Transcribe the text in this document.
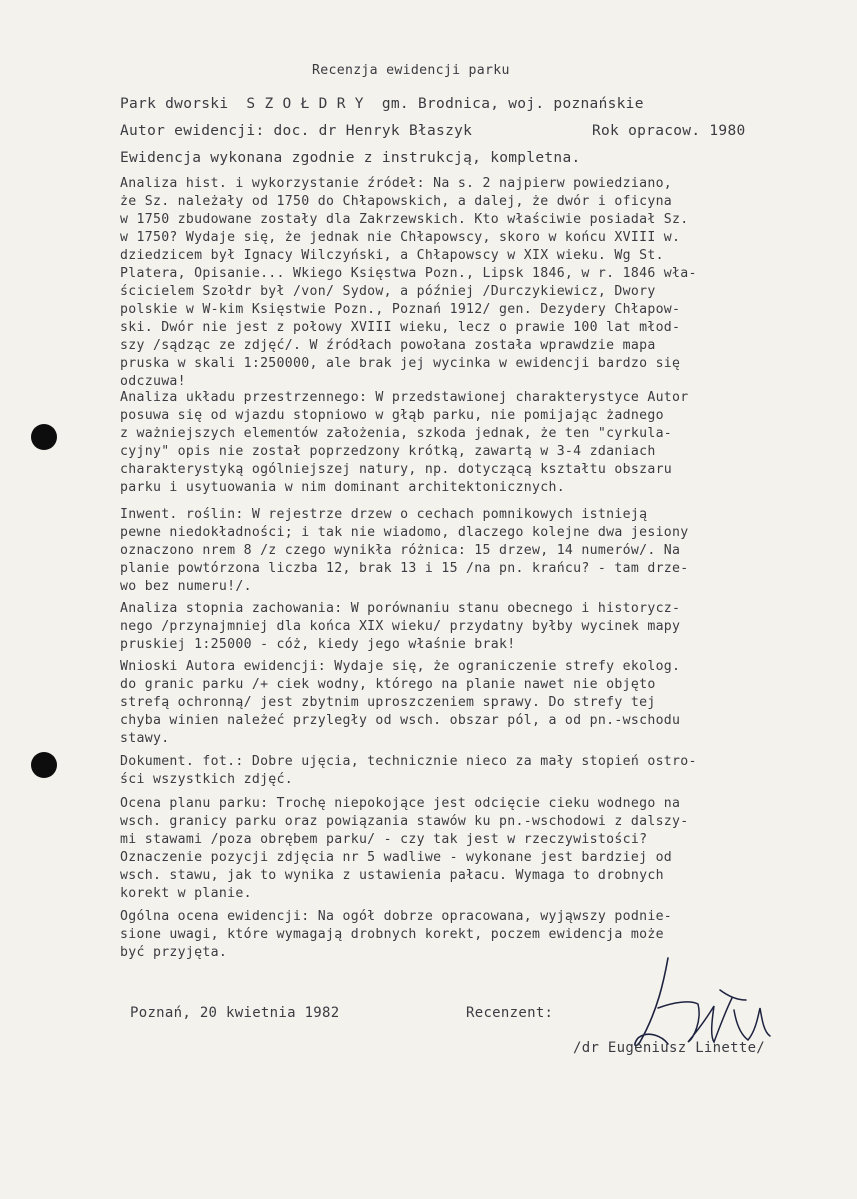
Recenzja ewidencji parku
Park dworski  S Z O Ł D R Y  gm. Brodnica, woj. poznańskie
Autor ewidencji: doc. dr Henryk Błaszyk	Rok opracow. 1980
Ewidencja wykonana zgodnie z instrukcją, kompletna.
Analiza hist. i wykorzystanie źródeł: Na s. 2 najpierw powiedziano,
że Sz. należały od 1750 do Chłapowskich, a dalej, że dwór i oficyna
w 1750 zbudowane zostały dla Zakrzewskich. Kto właściwie posiadał Sz.
w 1750? Wydaje się, że jednak nie Chłapowscy, skoro w końcu XVIII w.
dziedzicem był Ignacy Wilczyński, a Chłapowscy w XIX wieku. Wg St.
Platera, Opisanie... Wkiego Księstwa Pozn., Lipsk 1846, w r. 1846 wła-
ścicielem Szołdr był /von/ Sydow, a później /Durczykiewicz, Dwory
polskie w W-kim Księstwie Pozn., Poznań 1912/ gen. Dezydery Chłapow-
ski. Dwór nie jest z połowy XVIII wieku, lecz o prawie 100 lat młod-
szy /sądząc ze zdjęć/. W źródłach powołana została wprawdzie mapa
pruska w skali 1:250000, ale brak jej wycinka w ewidencji bardzo się
odczuwa!
Analiza układu przestrzennego: W przedstawionej charakterystyce Autor
posuwa się od wjazdu stopniowo w głąb parku, nie pomijając żadnego
z ważniejszych elementów założenia, szkoda jednak, że ten "cyrkula-
cyjny" opis nie został poprzedzony krótką, zawartą w 3-4 zdaniach
charakterystyką ogólniejszej natury, np. dotyczącą kształtu obszaru
parku i usytuowania w nim dominant architektonicznych.
Inwent. roślin: W rejestrze drzew o cechach pomnikowych istnieją
pewne niedokładności; i tak nie wiadomo, dlaczego kolejne dwa jesiony
oznaczono nrem 8 /z czego wynikła różnica: 15 drzew, 14 numerów/. Na
planie powtórzona liczba 12, brak 13 i 15 /na pn. krańcu? - tam drze-
wo bez numeru!/.
Analiza stopnia zachowania: W porównaniu stanu obecnego i historycz-
nego /przynajmniej dla końca XIX wieku/ przydatny byłby wycinek mapy
pruskiej 1:25000 - cóż, kiedy jego właśnie brak!
Wnioski Autora ewidencji: Wydaje się, że ograniczenie strefy ekolog.
do granic parku /+ ciek wodny, którego na planie nawet nie objęto
strefą ochronną/ jest zbytnim uproszczeniem sprawy. Do strefy tej
chyba winien należeć przyległy od wsch. obszar pól, a od pn.-wschodu
stawy.
Dokument. fot.: Dobre ujęcia, technicznie nieco za mały stopień ostro-
ści wszystkich zdjęć.
Ocena planu parku: Trochę niepokojące jest odcięcie cieku wodnego na
wsch. granicy parku oraz powiązania stawów ku pn.-wschodowi z dalszy-
mi stawami /poza obrębem parku/ - czy tak jest w rzeczywistości?
Oznaczenie pozycji zdjęcia nr 5 wadliwe - wykonane jest bardziej od
wsch. stawu, jak to wynika z ustawienia pałacu. Wymaga to drobnych
korekt w planie.
Ogólna ocena ewidencji: Na ogół dobrze opracowana, wyjąwszy podnie-
sione uwagi, które wymagają drobnych korekt, poczem ewidencja może
być przyjęta.
Poznań, 20 kwietnia 1982	Recenzent:
/dr Eugeniusz Linette/
